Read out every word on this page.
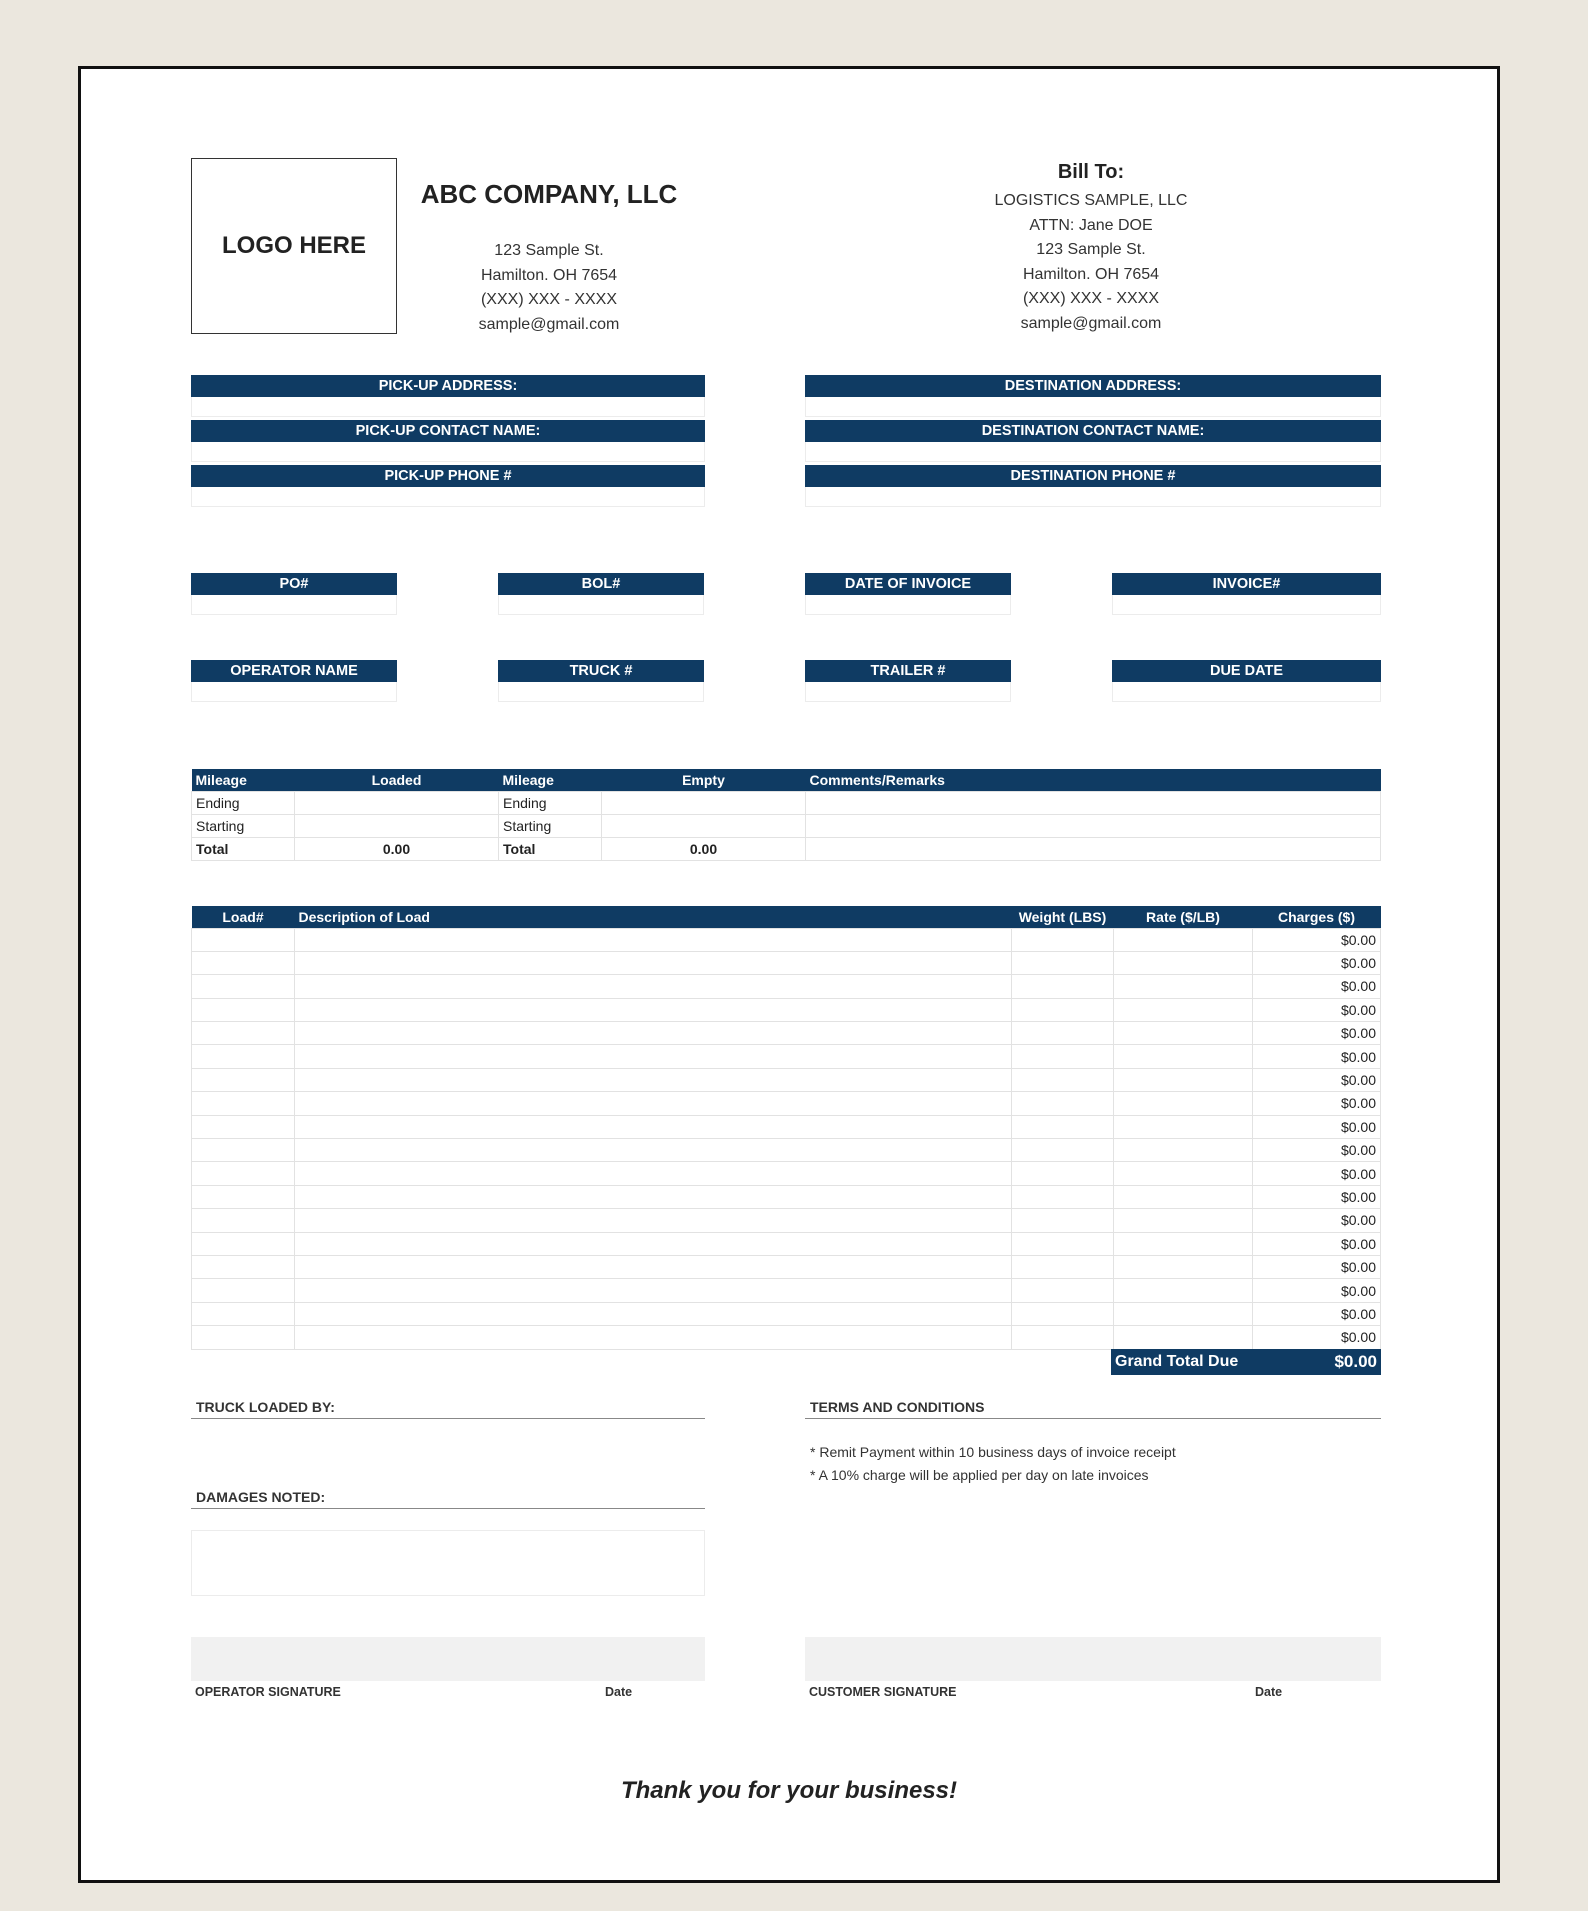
LOGO HERE
ABC COMPANY, LLC
123 Sample St.
Hamilton. OH 7654
(XXX) XXX - XXXX
sample@gmail.com
Bill To:
LOGISTICS SAMPLE, LLC
ATTN: Jane DOE
123 Sample St.
Hamilton. OH 7654
(XXX) XXX - XXXX
sample@gmail.com
PICK-UP ADDRESS:
PICK-UP CONTACT NAME:
PICK-UP PHONE #
DESTINATION ADDRESS:
DESTINATION CONTACT NAME:
DESTINATION PHONE #
PO#	BOL#	DATE OF INVOICE	INVOICE#
OPERATOR NAME	TRUCK #	TRAILER #	DUE DATE
Mileage	Loaded	Mileage	Empty	Comments/Remarks
Ending		Ending		
Starting		Starting		
Total	0.00	Total	0.00	
Load#	Description of Load	Weight (LBS)	Rate ($/LB)	Charges ($)
				$0.00
				$0.00
				$0.00
				$0.00
				$0.00
				$0.00
				$0.00
				$0.00
				$0.00
				$0.00
				$0.00
				$0.00
				$0.00
				$0.00
				$0.00
				$0.00
				$0.00
				$0.00
Grand Total Due	$0.00
TRUCK LOADED BY:
DAMAGES NOTED:
TERMS AND CONDITIONS
* Remit Payment within 10 business days of invoice receipt
* A 10% charge will be applied per day on late invoices
OPERATOR SIGNATURE	Date	CUSTOMER SIGNATURE	Date
Thank you for your business!
